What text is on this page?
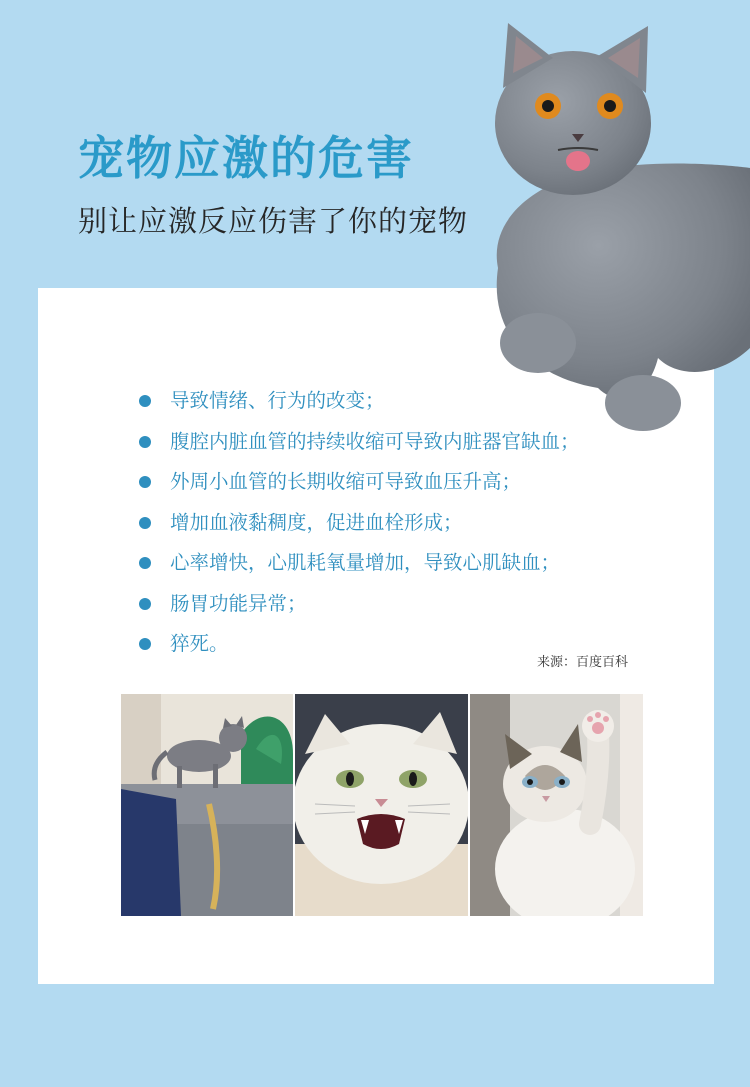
宠物应激的危害

别让应激反应伤害了你的宠物

导致情绪、行为的改变；
腹腔内脏血管的持续收缩可导致内脏器官缺血；
外周小血管的长期收缩可导致血压升高；
增加血液黏稠度，促进血栓形成；
心率增快，心肌耗氧量增加，导致心肌缺血；
肠胃功能异常；
猝死。
来源：百度百科
